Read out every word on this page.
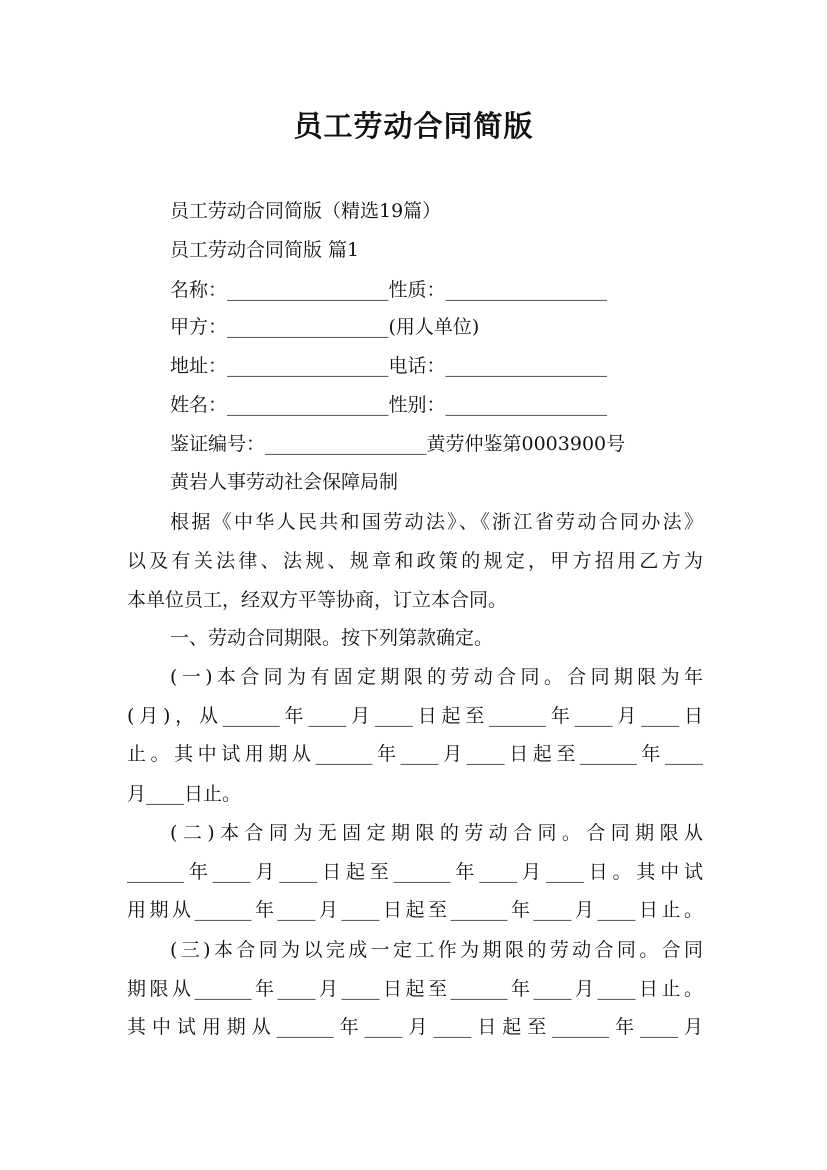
员工劳动合同简版
员工劳动合同简版（精选19篇）
员工劳动合同简版 篇1
名称：_________________性质：_________________
甲方：_________________(用人单位)
地址：_________________电话：_________________
姓名：_________________性别：_________________
鉴证编号：_________________黄劳仲鉴第0003900号
黄岩人事劳动社会保障局制
根据《中华人民共和国劳动法》、《浙江省劳动合同办法》
以及有关法律、法规、规章和政策的规定，甲方招用乙方为
本单位员工，经双方平等协商，订立本合同。
一、劳动合同期限。按下列第款确定。
(一)本合同为有固定期限的劳动合同。合同期限为年
(月)，从______年____月____日起至______年____月____日
止。其中试用期从______年____月____日起至______年____
月____日止。
(二)本合同为无固定期限的劳动合同。合同期限从
______年____月____日起至______年____月____日。其中试
用期从______年____月____日起至______年____月____日止。
(三)本合同为以完成一定工作为期限的劳动合同。合同
期限从______年____月____日起至______年____月____日止。
其中试用期从______年____月____日起至______年____月
